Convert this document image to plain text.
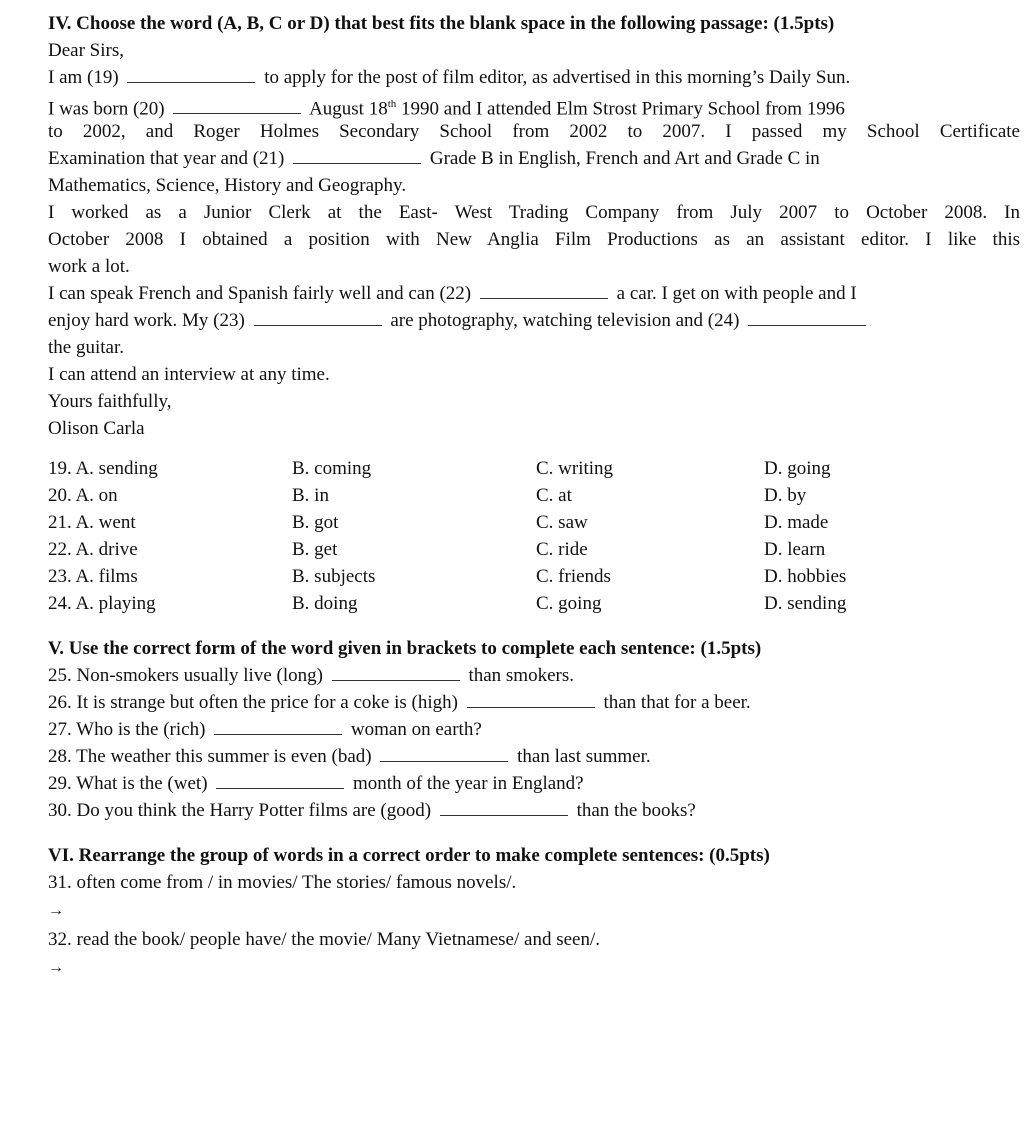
IV. Choose the word (A, B, C or D) that best fits the blank space in the following passage: (1.5pts)
Dear Sirs,
I am (19)	to apply for the post of film editor, as advertised in this morning’s Daily Sun.
I was born (20)	August 18th 1990 and I attended Elm Strost Primary School from 1996
to 2002, and Roger Holmes Secondary School from 2002 to 2007. I passed my School Certificate
Examination that year and (21)	Grade B in English, French and Art and Grade C in
Mathematics, Science, History and Geography.
I worked as a Junior Clerk at the East- West Trading Company from July 2007 to October 2008. In
October 2008 I obtained a position with New Anglia Film Productions as an assistant editor. I like this
work a lot.
I can speak French and Spanish fairly well and can (22)	a car. I get on with people and I
enjoy hard work. My (23)	are photography, watching television and (24)
the guitar.
I can attend an interview at any time.
Yours faithfully,
Olison Carla
19. A. sending	B. coming	C. writing	D. going
20. A. on	B. in	C. at	D. by
21. A. went	B. got	C. saw	D. made
22. A. drive	B. get	C. ride	D. learn
23. A. films	B. subjects	C. friends	D. hobbies
24. A. playing	B. doing	C. going	D. sending
V. Use the correct form of the word given in brackets to complete each sentence: (1.5pts)
25. Non-smokers usually live (long)	than smokers.
26. It is strange but often the price for a coke is (high)	than that for a beer.
27. Who is the (rich)	woman on earth?
28. The weather this summer is even (bad)	than last summer.
29. What is the (wet)	month of the year in England?
30. Do you think the Harry Potter films are (good)	than the books?
VI. Rearrange the group of words in a correct order to make complete sentences: (0.5pts)
31. often come from / in movies/ The stories/ famous novels/.
→
32. read the book/ people have/ the movie/ Many Vietnamese/ and seen/.
→
